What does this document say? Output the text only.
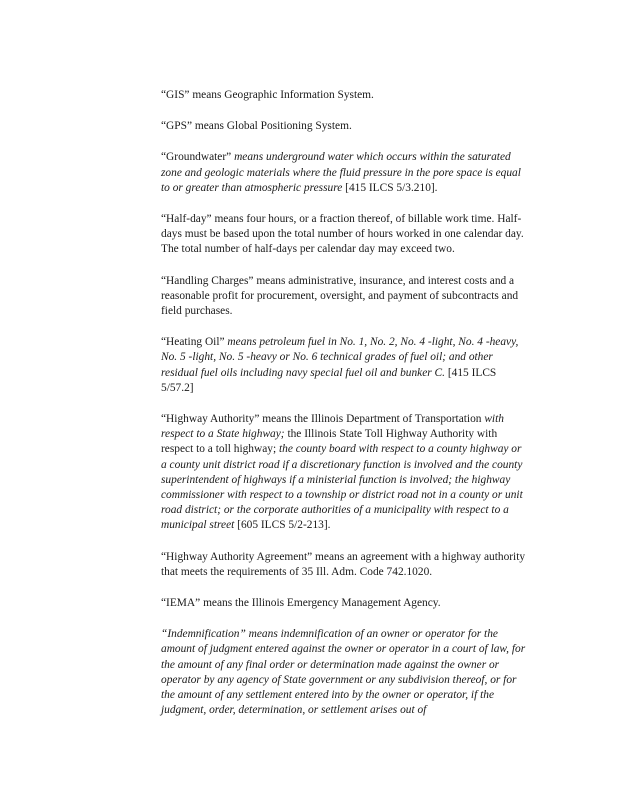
“GIS” means Geographic Information System.

“GPS” means Global Positioning System.

“Groundwater” means underground water which occurs within the saturated zone and geologic materials where the fluid pressure in the pore space is equal to or greater than atmospheric pressure [415 ILCS 5/3.210].

“Half-day” means four hours, or a fraction thereof, of billable work time. Half-days must be based upon the total number of hours worked in one calendar day. The total number of half-days per calendar day may exceed two.

“Handling Charges” means administrative, insurance, and interest costs and a reasonable profit for procurement, oversight, and payment of subcontracts and field purchases.

“Heating Oil” means petroleum fuel in No. 1, No. 2, No. 4 -light, No. 4 -heavy, No. 5 -light, No. 5 -heavy or No. 6 technical grades of fuel oil; and other residual fuel oils including navy special fuel oil and bunker C. [415 ILCS 5/57.2]

“Highway Authority” means the Illinois Department of Transportation with respect to a State highway; the Illinois State Toll Highway Authority with respect to a toll highway; the county board with respect to a county highway or a county unit district road if a discretionary function is involved and the county superintendent of highways if a ministerial function is involved; the highway commissioner with respect to a township or district road not in a county or unit road district; or the corporate authorities of a municipality with respect to a municipal street [605 ILCS 5/2-213].

“Highway Authority Agreement” means an agreement with a highway authority that meets the requirements of 35 Ill. Adm. Code 742.1020.

“IEMA” means the Illinois Emergency Management Agency.

“Indemnification” means indemnification of an owner or operator for the amount of judgment entered against the owner or operator in a court of law, for the amount of any final order or determination made against the owner or operator by any agency of State government or any subdivision thereof, or for the amount of any settlement entered into by the owner or operator, if the judgment, order, determination, or settlement arises out of
